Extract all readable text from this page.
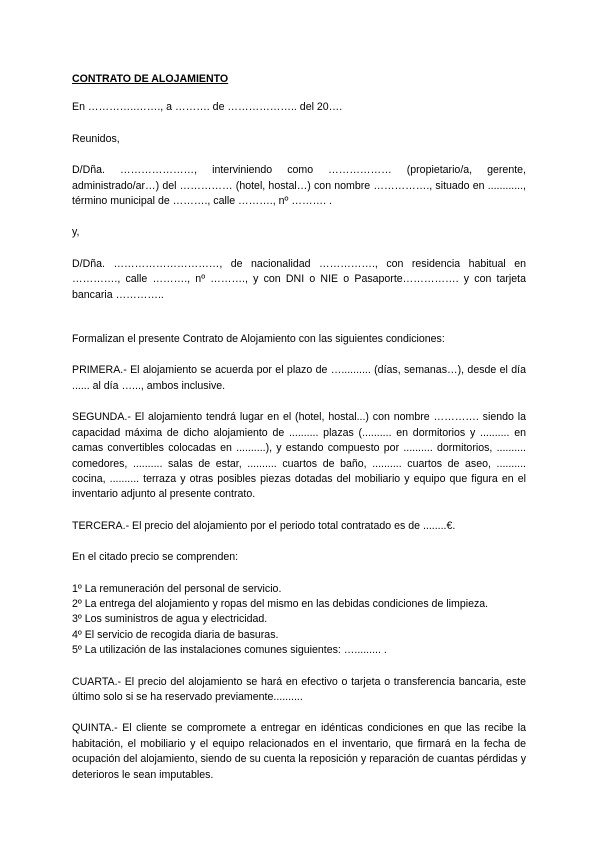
CONTRATO DE ALOJAMIENTO

En …………..……., a ………. de ……………….. del 20….

Reunidos,

D/Dña. …………………, interviniendo como ……………… (propietario/a, gerente, administrado/ar…) del …………… (hotel, hostal…) con nombre ……………., situado en ............, término municipal de ………., calle ………., nº ………. .

y,

D/Dña. …………………………, de nacionalidad ……………., con residencia habitual en …………., calle ………., nº ………., y con DNI o NIE o Pasaporte……………. y con tarjeta bancaria …………..

Formalizan el presente Contrato de Alojamiento con las siguientes condiciones:

PRIMERA.- El alojamiento se acuerda por el plazo de ….......... (días, semanas…), desde el día ...... al día …..., ambos inclusive.

SEGUNDA.- El alojamiento tendrá lugar en el (hotel, hostal...) con nombre …………. siendo la capacidad máxima de dicho alojamiento de .......... plazas (.......... en dormitorios y .......... en camas convertibles colocadas en ..........), y estando compuesto por .......... dormitorios, .......... comedores, .......... salas de estar, .......... cuartos de baño, .......... cuartos de aseo, .......... cocina, .......... terraza y otras posibles piezas dotadas del mobiliario y equipo que figura en el inventario adjunto al presente contrato.

TERCERA.- El precio del alojamiento por el periodo total contratado es de ........€.

En el citado precio se comprenden:

1º La remuneración del personal de servicio.

2º La entrega del alojamiento y ropas del mismo en las debidas condiciones de limpieza.

3º Los suministros de agua y electricidad.

4º El servicio de recogida diaria de basuras.

5º La utilización de las instalaciones comunes siguientes: …......... .

CUARTA.- El precio del alojamiento se hará en efectivo o tarjeta o transferencia bancaria, este último solo si se ha reservado previamente..........

QUINTA.- El cliente se compromete a entregar en idénticas condiciones en que las recibe la habitación, el mobiliario y el equipo relacionados en el inventario, que firmará en la fecha de ocupación del alojamiento, siendo de su cuenta la reposición y reparación de cuantas pérdidas y deterioros le sean imputables.
